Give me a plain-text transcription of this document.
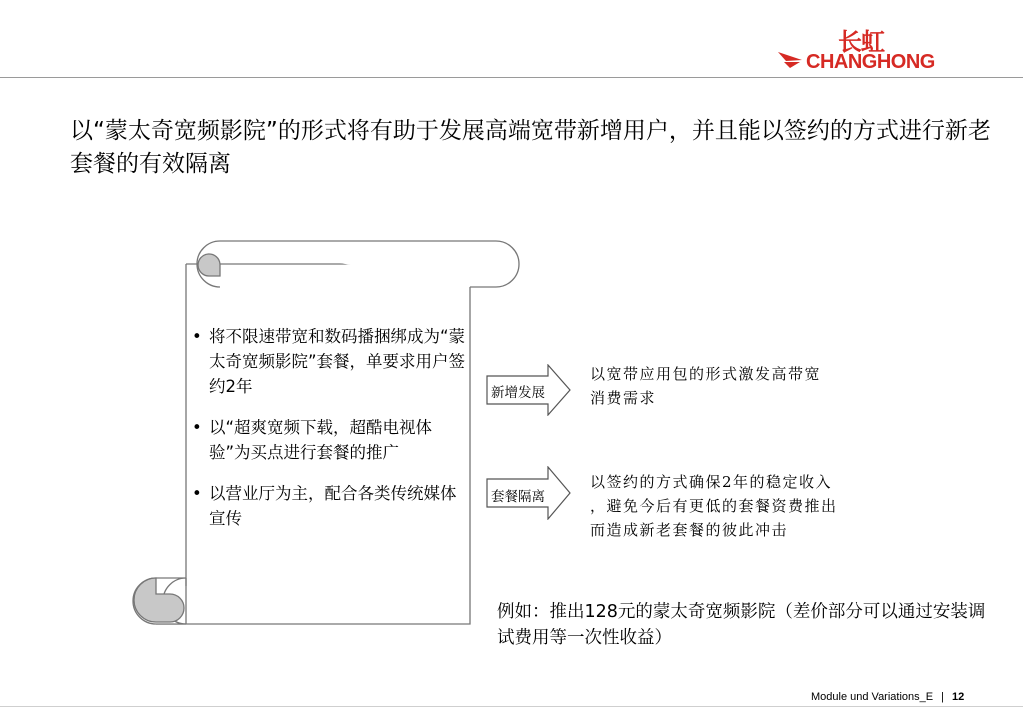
长虹
CHANGHONG
以“蒙太奇宽频影院”的形式将有助于发展高端宽带新增用户，并且能以签约的方式进行新老套餐的有效隔离
• 将不限速带宽和数码播捆绑成为“蒙太奇宽频影院”套餐，单要求用户签约2年
• 以“超爽宽频下载，超酷电视体验”为买点进行套餐的推广
• 以营业厅为主，配合各类传统媒体宣传
新增发展
以宽带应用包的形式激发高带宽
消费需求
套餐隔离
以签约的方式确保2年的稳定收入
，避免今后有更低的套餐资费推出
而造成新老套餐的彼此冲击
例如：推出128元的蒙太奇宽频影院（差价部分可以通过安装调试费用等一次性收益）
Module und Variations_E | 12
